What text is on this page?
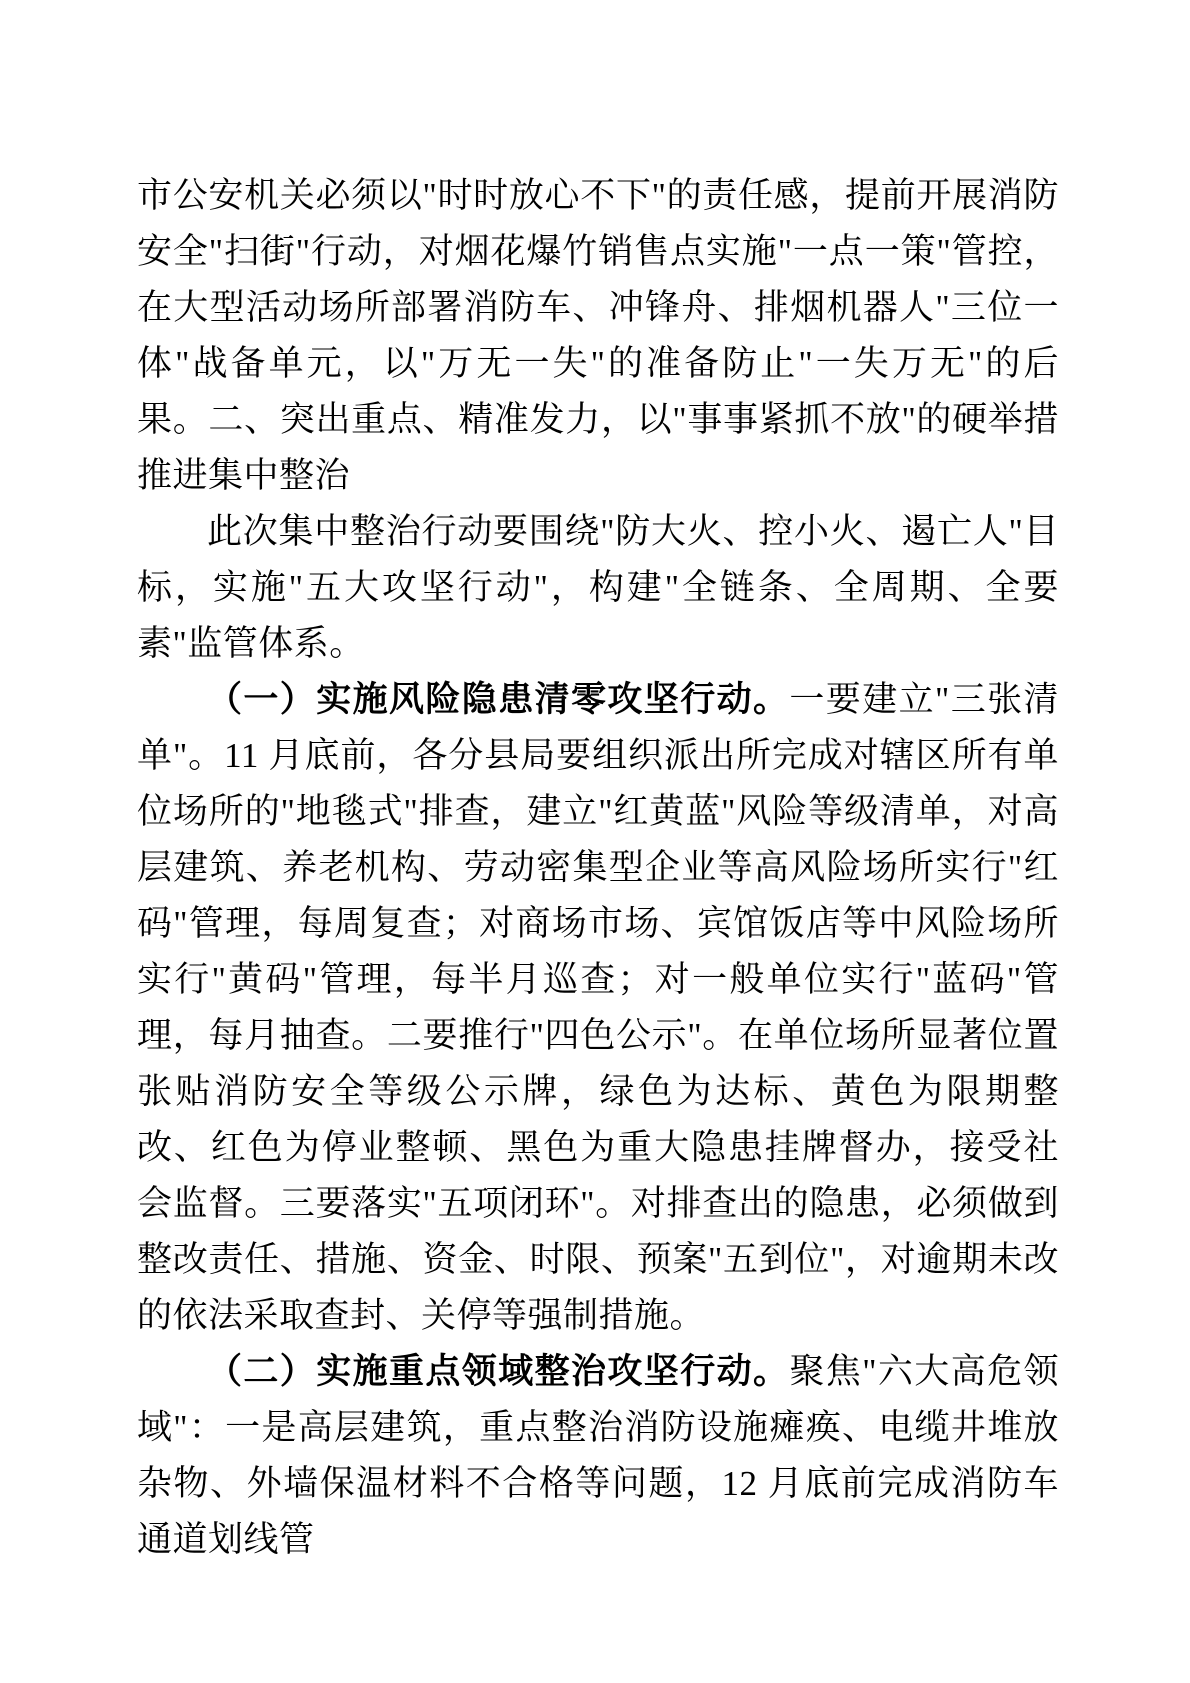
市公安机关必须以"时时放心不下"的责任感，提前开展消防安全"扫街"行动，对烟花爆竹销售点实施"一点一策"管控，在大型活动场所部署消防车、冲锋舟、排烟机器人"三位一体"战备单元，以"万无一失"的准备防止"一失万无"的后果。二、突出重点、精准发力，以"事事紧抓不放"的硬举措推进集中整治

此次集中整治行动要围绕"防大火、控小火、遏亡人"目标，实施"五大攻坚行动"，构建"全链条、全周期、全要素"监管体系。

（一）实施风险隐患清零攻坚行动。一要建立"三张清单"。11 月底前，各分县局要组织派出所完成对辖区所有单位场所的"地毯式"排查，建立"红黄蓝"风险等级清单，对高层建筑、养老机构、劳动密集型企业等高风险场所实行"红码"管理，每周复查；对商场市场、宾馆饭店等中风险场所实行"黄码"管理，每半月巡查；对一般单位实行"蓝码"管理，每月抽查。二要推行"四色公示"。在单位场所显著位置张贴消防安全等级公示牌，绿色为达标、黄色为限期整改、红色为停业整顿、黑色为重大隐患挂牌督办，接受社会监督。三要落实"五项闭环"。对排查出的隐患，必须做到整改责任、措施、资金、时限、预案"五到位"，对逾期未改的依法采取查封、关停等强制措施。

（二）实施重点领域整治攻坚行动。聚焦"六大高危领域"：一是高层建筑，重点整治消防设施瘫痪、电缆井堆放杂物、外墙保温材料不合格等问题，12 月底前完成消防车通道划线管
